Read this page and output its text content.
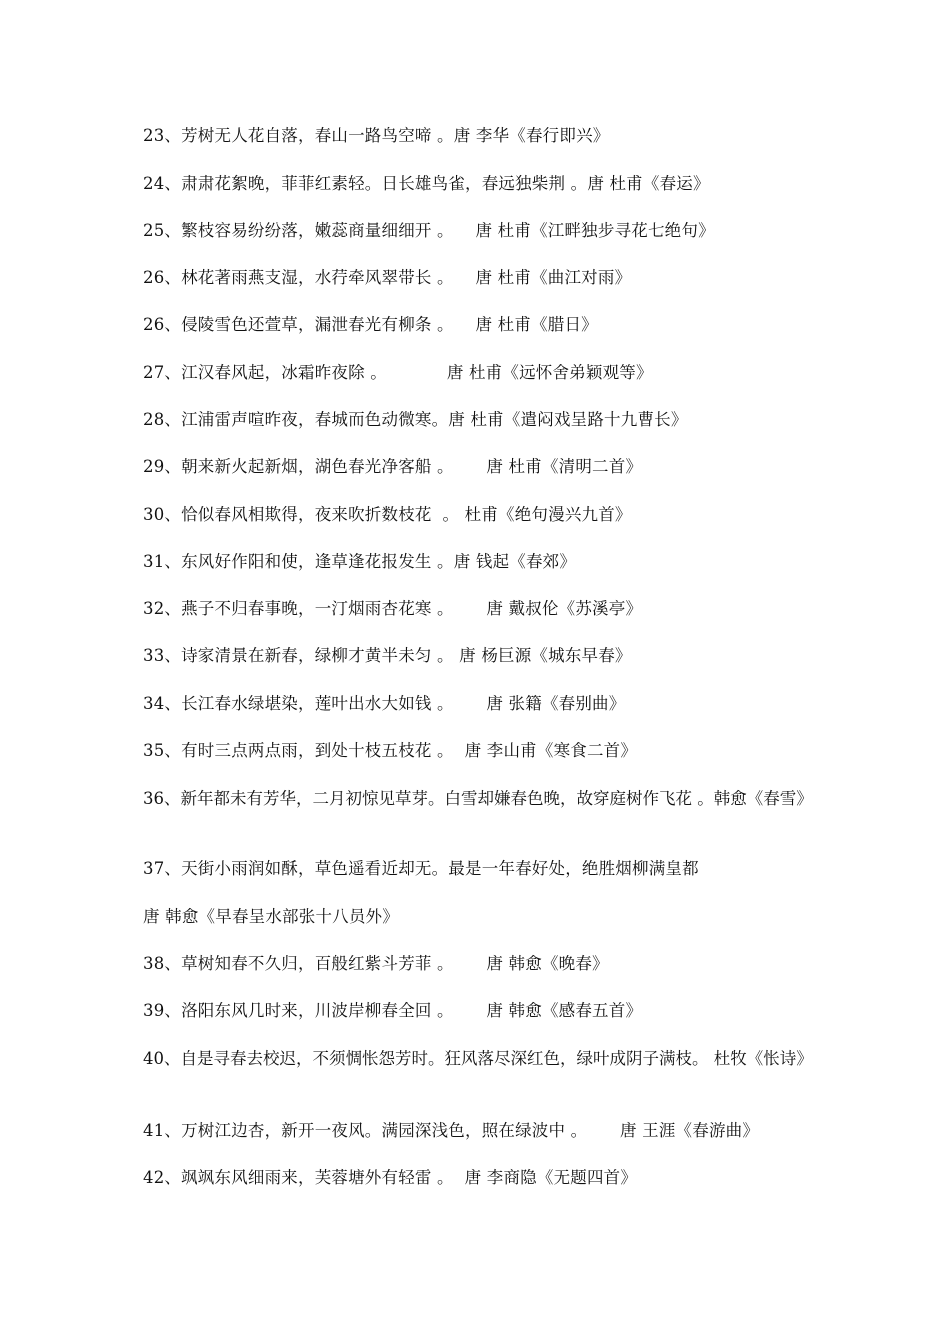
23、芳树无人花自落，春山一路鸟空啼 。唐 李华《春行即兴》
24、肃肃花絮晚，菲菲红素轻。日长雄鸟雀，春远独柴荆 。唐 杜甫《春运》
25、繁枝容易纷纷落，嫩蕊商量细细开 。    唐 杜甫《江畔独步寻花七绝句》
26、林花著雨燕支湿，水荇牵风翠带长 。    唐 杜甫《曲江对雨》
26、侵陵雪色还萱草，漏泄春光有柳条 。    唐 杜甫《腊日》
27、江汉春风起，冰霜昨夜除 。           唐 杜甫《远怀舍弟颖观等》
28、江浦雷声喧昨夜，春城而色动微寒。唐 杜甫《遣闷戏呈路十九曹长》
29、朝来新火起新烟，湖色春光净客船 。      唐 杜甫《清明二首》
30、恰似春风相欺得，夜来吹折数枝花  。 杜甫《绝句漫兴九首》
31、东风好作阳和使，逢草逢花报发生 。唐 钱起《春郊》
32、燕子不归春事晚，一汀烟雨杏花寒 。      唐 戴叔伦《苏溪亭》
33、诗家清景在新春，绿柳才黄半未匀 。 唐 杨巨源《城东早春》
34、长江春水绿堪染，莲叶出水大如钱 。      唐 张籍《春别曲》
35、有时三点两点雨，到处十枝五枝花 。  唐 李山甫《寒食二首》
36、新年都未有芳华，二月初惊见草芽。白雪却嫌春色晚，故穿庭树作飞花 。韩愈《春雪》
37、天街小雨润如酥，草色遥看近却无。最是一年春好处，绝胜烟柳满皇都
唐 韩愈《早春呈水部张十八员外》
38、草树知春不久归，百般红紫斗芳菲 。      唐 韩愈《晚春》
39、洛阳东风几时来，川波岸柳春全回 。      唐 韩愈《感春五首》
40、自是寻春去校迟，不须惆怅怨芳时。狂风落尽深红色，绿叶成阴子满枝。 杜牧《怅诗》
41、万树江边杏，新开一夜风。满园深浅色，照在绿波中 。      唐 王涯《春游曲》
42、飒飒东风细雨来，芙蓉塘外有轻雷 。  唐 李商隐《无题四首》
